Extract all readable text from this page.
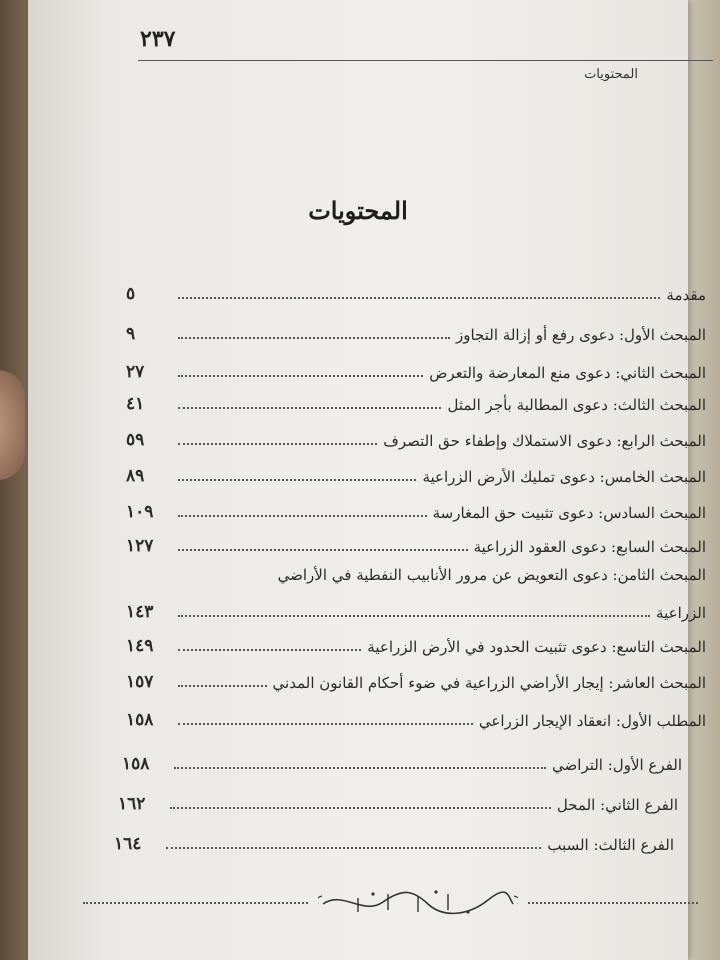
٢٣٧
المحتويات
المحتويات
مقدمة
٥
المبحث الأول: دعوى رفع أو إزالة التجاوز
٩
المبحث الثاني: دعوى منع المعارضة والتعرض
٢٧
المبحث الثالث: دعوى المطالبة بأجر المثل
٤١
المبحث الرابع: دعوى الاستملاك وإطفاء حق التصرف
٥٩
المبحث الخامس: دعوى تمليك الأرض الزراعية
٨٩
المبحث السادس: دعوى تثبيت حق المغارسة
١٠٩
المبحث السابع: دعوى العقود الزراعية
١٢٧
المبحث الثامن: دعوى التعويض عن مرور الأنابيب النفطية في الأراضي
الزراعية
١٤٣
المبحث التاسع: دعوى تثبيت الحدود في الأرض الزراعية
١٤٩
المبحث العاشر: إيجار الأراضي الزراعية في ضوء أحكام القانون المدني
١٥٧
المطلب الأول: انعقاد الإيجار الزراعي
١٥٨
الفرع الأول: التراضي
١٥٨
الفرع الثاني: المحل
١٦٢
الفرع الثالث: السبب
١٦٤
